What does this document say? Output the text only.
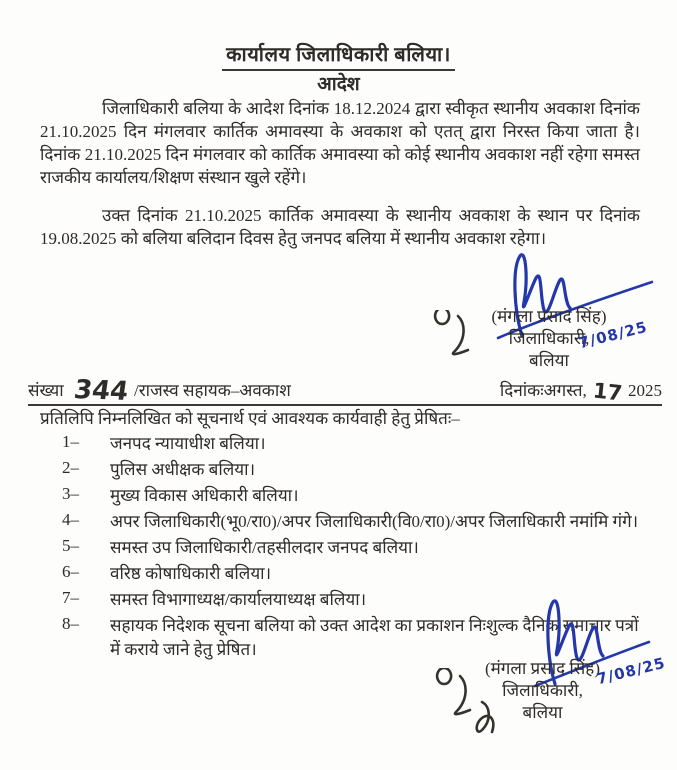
कार्यालय जिलाधिकारी बलिया।
आदेश
जिलाधिकारी बलिया के आदेश दिनांक 18.12.2024 द्वारा स्वीकृत स्थानीय अवकाश दिनांक 21.10.2025 दिन मंगलवार कार्तिक अमावस्या के अवकाश को एतत् द्वारा निरस्त किया जाता है। दिनांक 21.10.2025 दिन मंगलवार को कार्तिक अमावस्या को कोई स्थानीय अवकाश नहीं रहेगा समस्त राजकीय कार्यालय/शिक्षण संस्थान खुले रहेंगे।
उक्त दिनांक 21.10.2025 कार्तिक अमावस्या के स्थानीय अवकाश के स्थान पर दिनांक 19.08.2025 को बलिया बलिदान दिवस हेतु जनपद बलिया में स्थानीय अवकाश रहेगा।
(मंगला प्रसाद सिंह)
जिलाधिकारी,
बलिया
7/08/25
संख्या 344 /राजस्व सहायक–अवकाश	दिनांकःअगस्त, 17 2025
प्रतिलिपि निम्नलिखित को सूचनार्थ एवं आवश्यक कार्यवाही हेतु प्रेषितः–
1–	जनपद न्यायाधीश बलिया।
2–	पुलिस अधीक्षक बलिया।
3–	मुख्य विकास अधिकारी बलिया।
4–	अपर जिलाधिकारी(भू0/रा0)/अपर जिलाधिकारी(वि0/रा0)/अपर जिलाधिकारी नमांमि गंगे।
5–	समस्त उप जिलाधिकारी/तहसीलदार जनपद बलिया।
6–	वरिष्ठ कोषाधिकारी बलिया।
7–	समस्त विभागाध्यक्ष/कार्यालयाध्यक्ष बलिया।
8–	सहायक निदेशक सूचना बलिया को उक्त आदेश का प्रकाशन निःशुल्क दैनिक समाचार पत्रों में कराये जाने हेतु प्रेषित।
(मंगला प्रसाद सिंह)
जिलाधिकारी,
बलिया
7/08/25
